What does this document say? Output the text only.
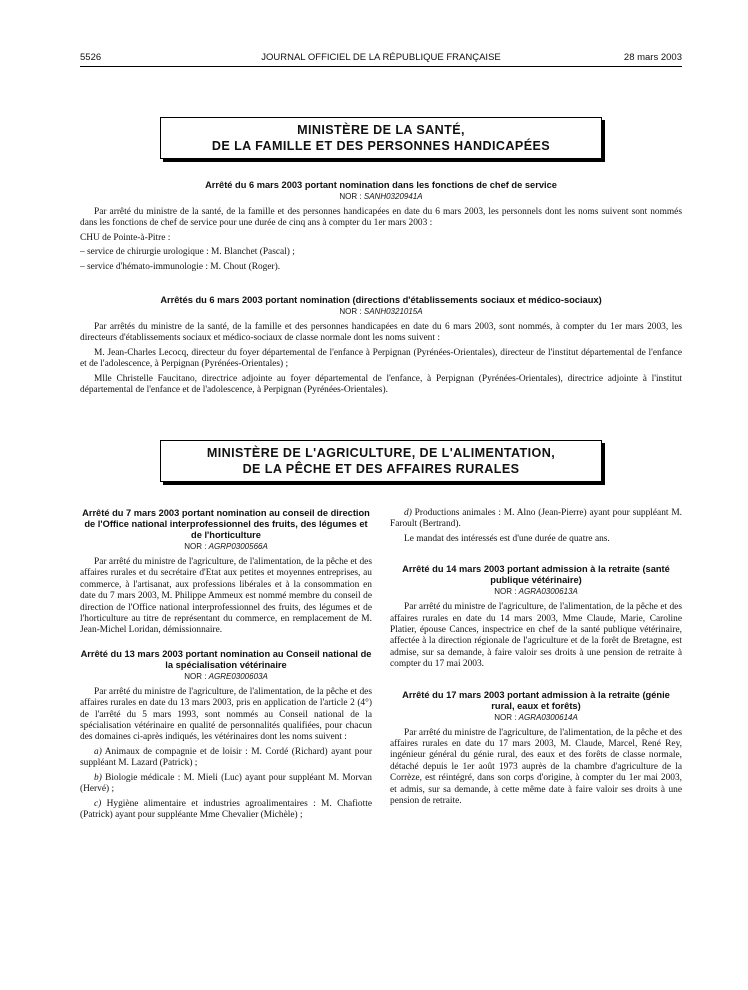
5526	JOURNAL OFFICIEL DE LA RÉPUBLIQUE FRANÇAISE	28 mars 2003
MINISTÈRE DE LA SANTÉ,
DE LA FAMILLE ET DES PERSONNES HANDICAPÉES
Arrêté du 6 mars 2003 portant nomination dans les fonctions de chef de service
NOR : SANH0320941A

Par arrêté du ministre de la santé, de la famille et des personnes handicapées en date du 6 mars 2003, les personnels dont les noms suivent sont nommés dans les fonctions de chef de service pour une durée de cinq ans à compter du 1er mars 2003 :

CHU de Pointe-à-Pitre :

– service de chirurgie urologique : M. Blanchet (Pascal) ;

– service d'hémato-immunologie : M. Chout (Roger).

Arrêtés du 6 mars 2003 portant nomination (directions d'établissements sociaux et médico-sociaux)
NOR : SANH0321015A

Par arrêtés du ministre de la santé, de la famille et des personnes handicapées en date du 6 mars 2003, sont nommés, à compter du 1er mars 2003, les directeurs d'établissements sociaux et médico-sociaux de classe normale dont les noms suivent :

M. Jean-Charles Lecocq, directeur du foyer départemental de l'enfance à Perpignan (Pyrénées-Orientales), directeur de l'institut départemental de l'enfance et de l'adolescence, à Perpignan (Pyrénées-Orientales) ;

Mlle Christelle Faucitano, directrice adjointe au foyer départemental de l'enfance, à Perpignan (Pyrénées-Orientales), directrice adjointe à l'institut départemental de l'enfance et de l'adolescence, à Perpignan (Pyrénées-Orientales).

MINISTÈRE DE L'AGRICULTURE, DE L'ALIMENTATION,
DE LA PÊCHE ET DES AFFAIRES RURALES
Arrêté du 7 mars 2003 portant nomination au conseil de direction de l'Office national interprofessionnel des fruits, des légumes et de l'horticulture
NOR : AGRP0300566A

Par arrêté du ministre de l'agriculture, de l'alimentation, de la pêche et des affaires rurales et du secrétaire d'Etat aux petites et moyennes entreprises, au commerce, à l'artisanat, aux professions libérales et à la consommation en date du 7 mars 2003, M. Philippe Ammeux est nommé membre du conseil de direction de l'Office national interprofessionnel des fruits, des légumes et de l'horticulture au titre de représentant du commerce, en remplacement de M. Jean-Michel Loridan, démissionnaire.

Arrêté du 13 mars 2003 portant nomination au Conseil national de la spécialisation vétérinaire
NOR : AGRE0300603A

Par arrêté du ministre de l'agriculture, de l'alimentation, de la pêche et des affaires rurales en date du 13 mars 2003, pris en application de l'article 2 (4°) de l'arrêté du 5 mars 1993, sont nommés au Conseil national de la spécialisation vétérinaire en qualité de personnalités qualifiées, pour chacun des domaines ci-après indiqués, les vétérinaires dont les noms suivent :

a) Animaux de compagnie et de loisir : M. Cordé (Richard) ayant pour suppléant M. Lazard (Patrick) ;

b) Biologie médicale : M. Mieli (Luc) ayant pour suppléant M. Morvan (Hervé) ;

c) Hygiène alimentaire et industries agroalimentaires : M. Chafiotte (Patrick) ayant pour suppléante Mme Chevalier (Michèle) ;

d) Productions animales : M. Alno (Jean-Pierre) ayant pour suppléant M. Faroult (Bertrand).

Le mandat des intéressés est d'une durée de quatre ans.

Arrêté du 14 mars 2003 portant admission à la retraite (santé publique vétérinaire)
NOR : AGRA0300613A

Par arrêté du ministre de l'agriculture, de l'alimentation, de la pêche et des affaires rurales en date du 14 mars 2003, Mme Claude, Marie, Caroline Platier, épouse Cances, inspectrice en chef de la santé publique vétérinaire, affectée à la direction régionale de l'agriculture et de la forêt de Bretagne, est admise, sur sa demande, à faire valoir ses droits à une pension de retraite à compter du 17 mai 2003.

Arrêté du 17 mars 2003 portant admission à la retraite (génie rural, eaux et forêts)
NOR : AGRA0300614A

Par arrêté du ministre de l'agriculture, de l'alimentation, de la pêche et des affaires rurales en date du 17 mars 2003, M. Claude, Marcel, René Rey, ingénieur général du génie rural, des eaux et des forêts de classe normale, détaché depuis le 1er août 1973 auprès de la chambre d'agriculture de la Corrèze, est réintégré, dans son corps d'origine, à compter du 1er mai 2003, et admis, sur sa demande, à cette même date à faire valoir ses droits à une pension de retraite.
